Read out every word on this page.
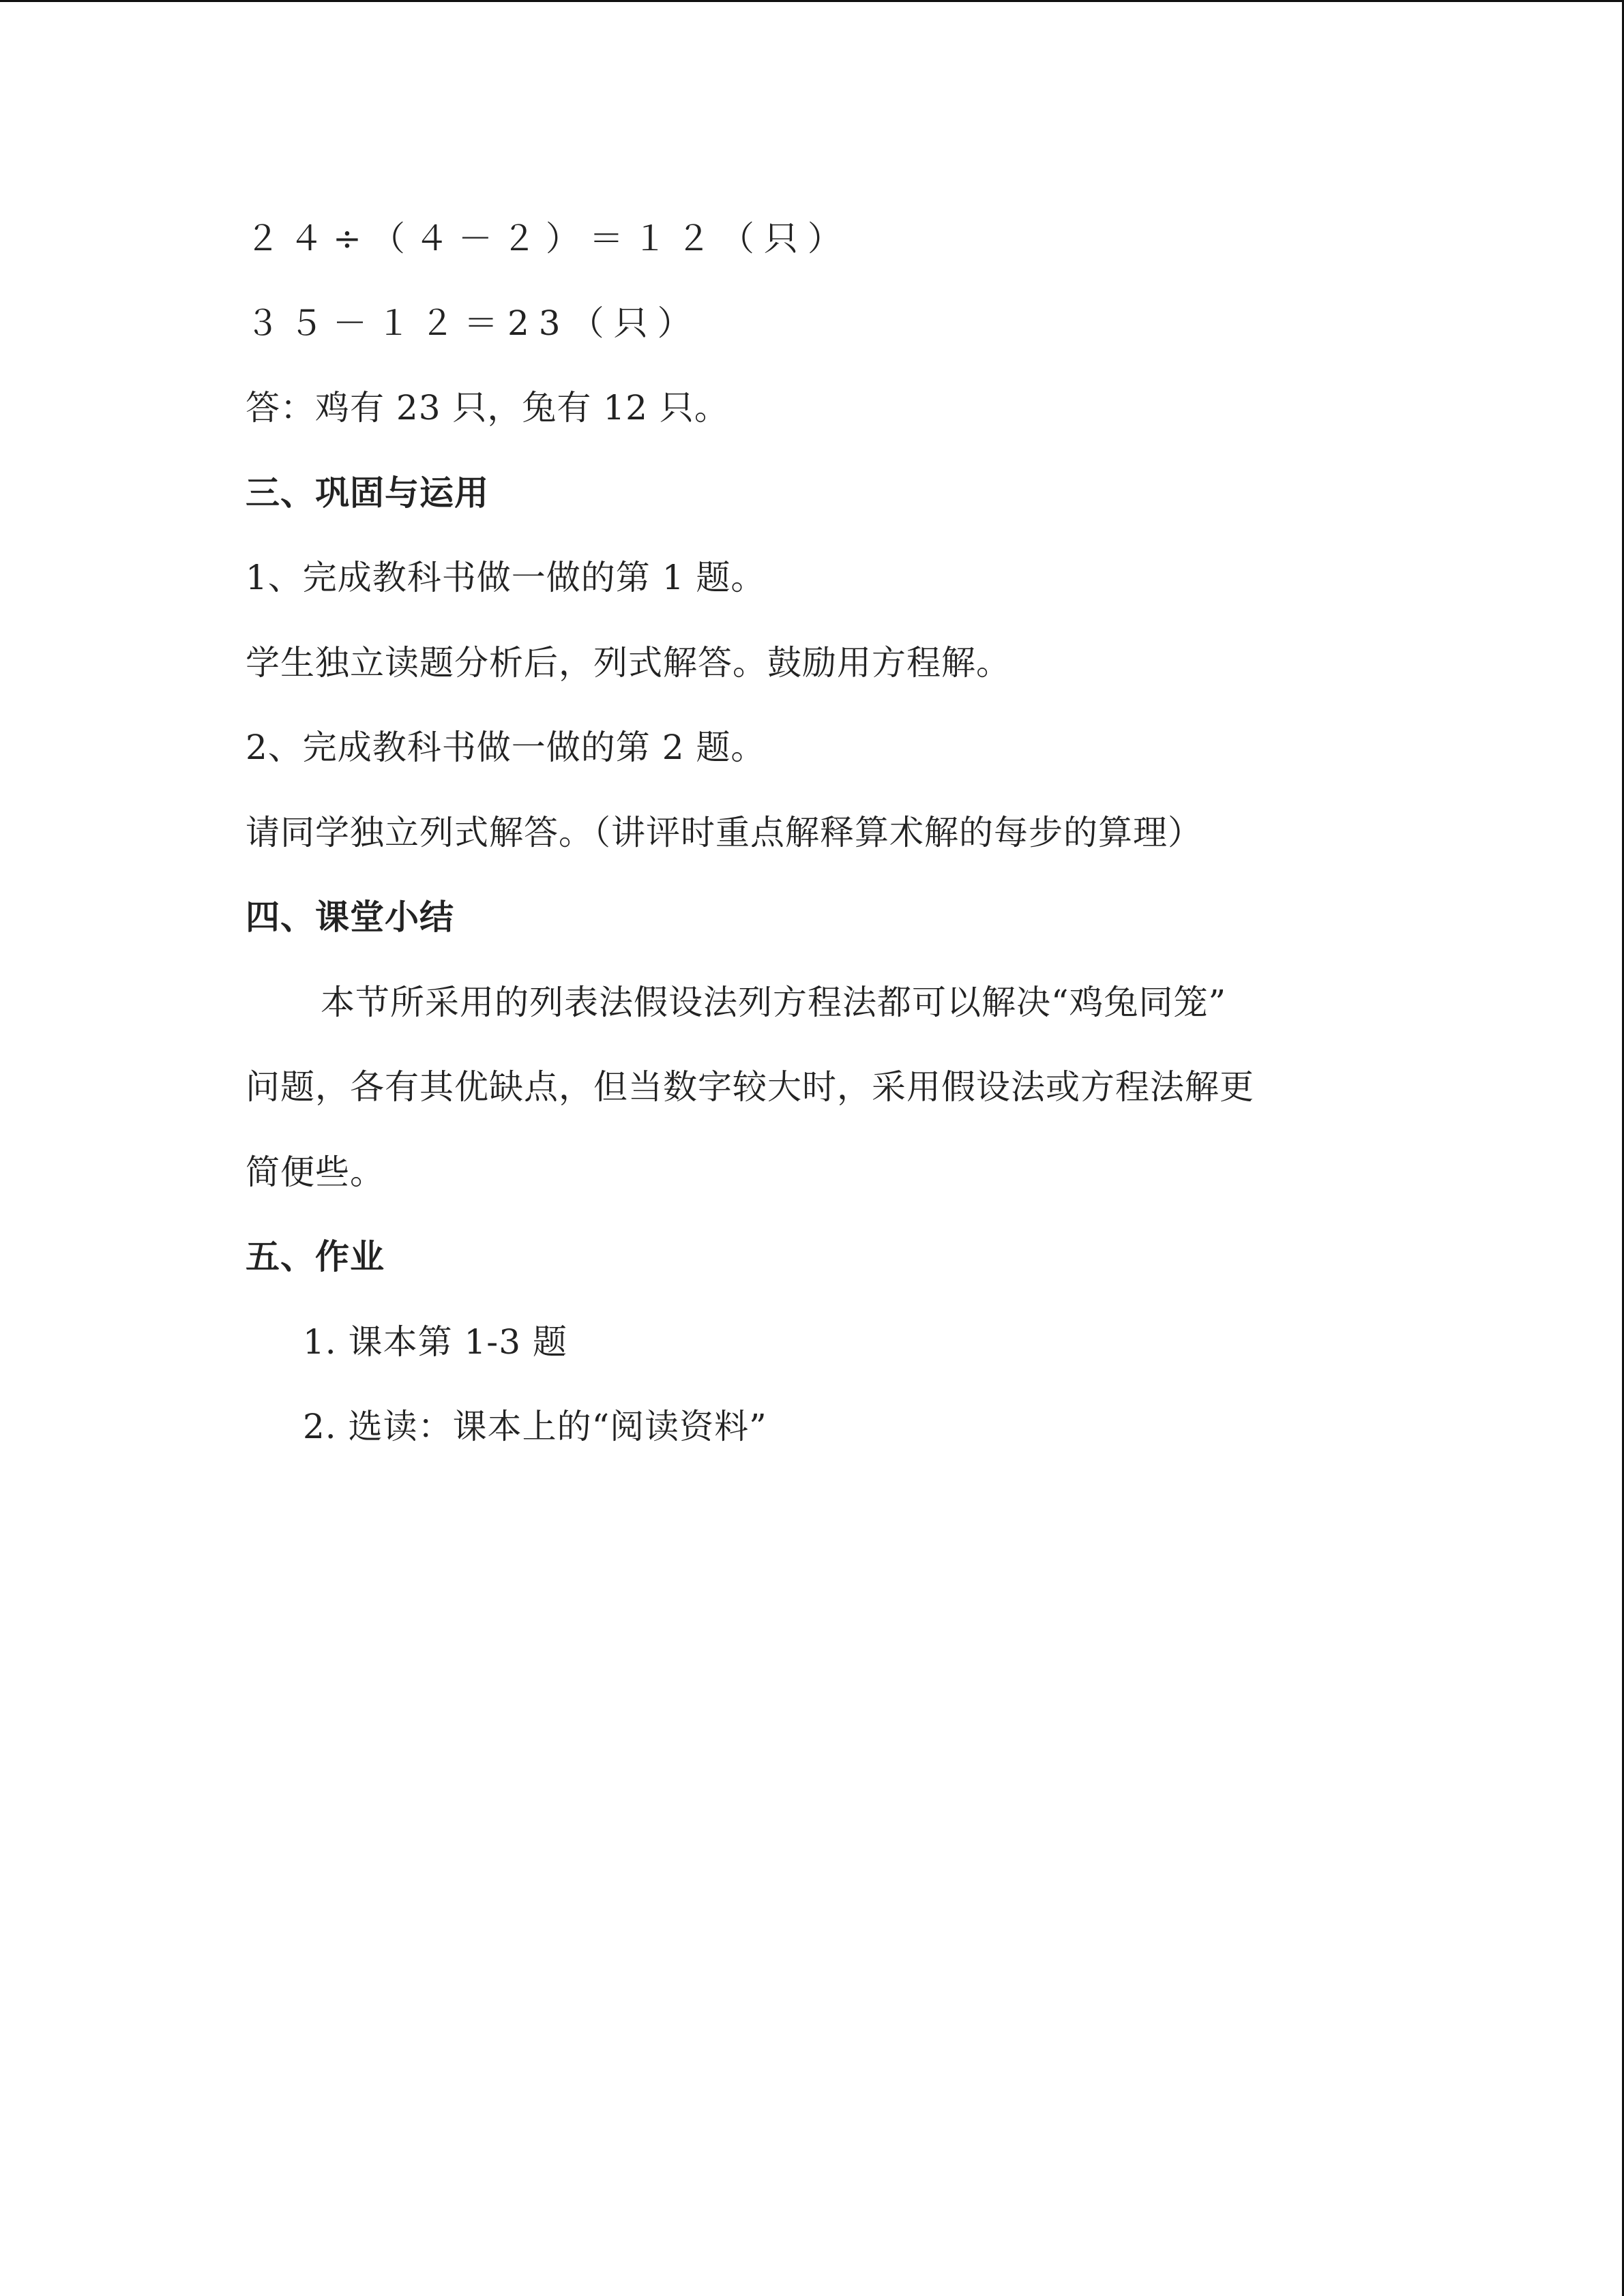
２４÷（４－２）＝１２（只）
３５－１２＝23（只）
答：鸡有 23 只，兔有 12 只。
三、巩固与运用
1、完成教科书做一做的第 1 题。
学生独立读题分析后，列式解答。鼓励用方程解。
2、完成教科书做一做的第 2 题。
请同学独立列式解答。（讲评时重点解释算术解的每步的算理）
四、课堂小结
本节所采用的列表法假设法列方程法都可以解决“鸡兔同笼”
问题，各有其优缺点，但当数字较大时，采用假设法或方程法解更
简便些。
五、作业
1. 课本第 1-3 题
2. 选读：课本上的“阅读资料”
